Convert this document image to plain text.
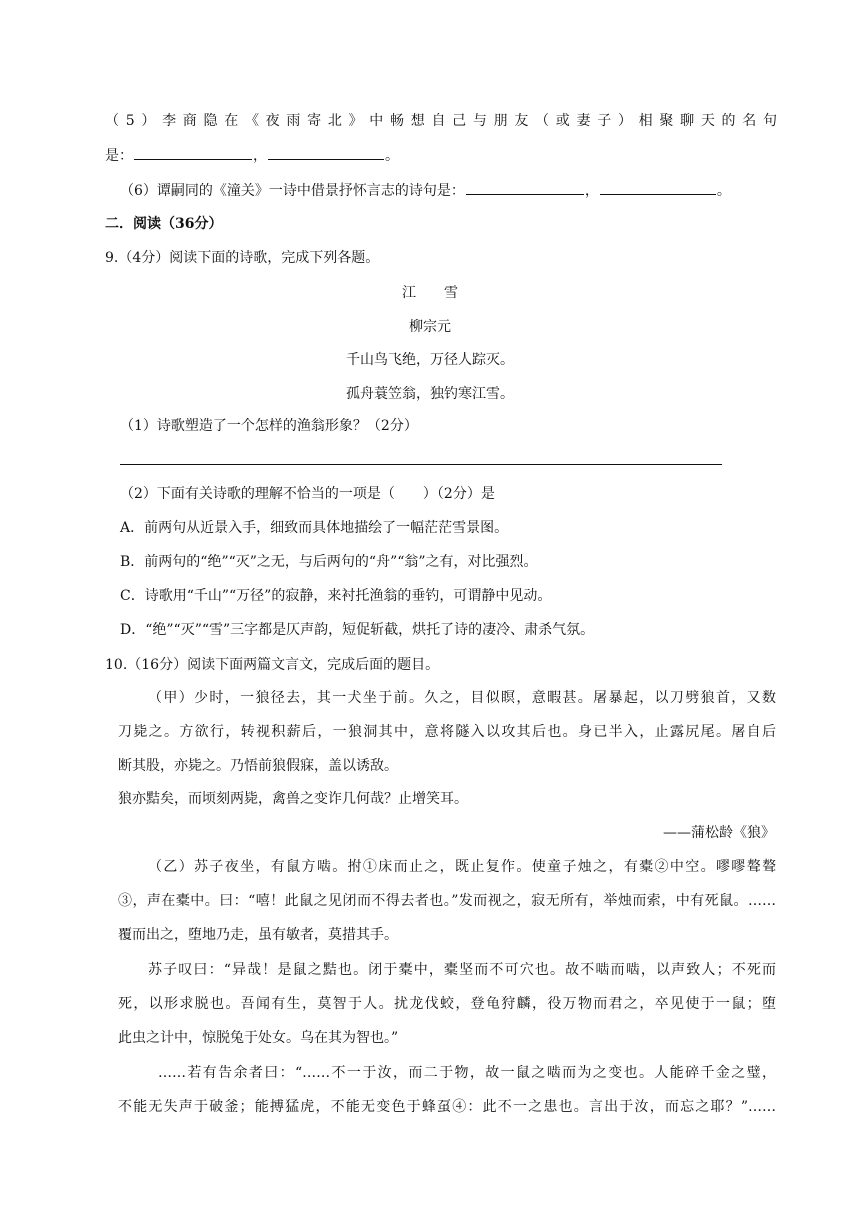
（5）李商隐在《夜雨寄北》中畅想自己与朋友（或妻子）相聚聊天的名句
是：	，	。
（6）谭嗣同的《潼关》一诗中借景抒怀言志的诗句是：	，	。
二．阅读（36分）
9.（4分）阅读下面的诗歌，完成下列各题。
江　　雪
柳宗元
千山鸟飞绝，万径人踪灭。
孤舟蓑笠翁，独钓寒江雪。
（1）诗歌塑造了一个怎样的渔翁形象？（2分）
（2）下面有关诗歌的理解不恰当的一项是（　　）（2分）是
A．前两句从近景入手，细致而具体地描绘了一幅茫茫雪景图。
B．前两句的“绝”“灭”之无，与后两句的“舟”“翁”之有，对比强烈。
C．诗歌用“千山”“万径”的寂静，来衬托渔翁的垂钓，可谓静中见动。
D．“绝”“灭”“雪”三字都是仄声韵，短促斩截，烘托了诗的凄冷、肃杀气氛。
10.（16分）阅读下面两篇文言文，完成后面的题目。
（甲）少时，一狼径去，其一犬坐于前。久之，目似瞑，意暇甚。屠暴起，以刀劈狼首，又数
刀毙之。方欲行，转视积薪后，一狼洞其中，意将隧入以攻其后也。身已半入，止露尻尾。屠自后
断其股，亦毙之。乃悟前狼假寐，盖以诱敌。
狼亦黠矣，而顷刻两毙，禽兽之变诈几何哉？止增笑耳。
——蒲松龄《狼》
（乙）苏子夜坐，有鼠方啮。拊①床而止之，既止复作。使童子烛之，有橐②中空。嘐嘐聱聱
③，声在橐中。曰：“嘻！此鼠之见闭而不得去者也。”发而视之，寂无所有，举烛而索，中有死鼠。……
覆而出之，堕地乃走，虽有敏者，莫措其手。
苏子叹曰：“异哉！是鼠之黠也。闭于橐中，橐坚而不可穴也。故不啮而啮，以声致人；不死而
死，以形求脱也。吾闻有生，莫智于人。扰龙伐蛟，登龟狩麟，役万物而君之，卒见使于一鼠；堕
此虫之计中，惊脱兔于处女。乌在其为智也。”
……若有告余者曰：“……不一于汝，而二于物，故一鼠之啮而为之变也。人能碎千金之璧，
不能无失声于破釜；能搏猛虎，不能无变色于蜂虿④：此不一之患也。言出于汝，而忘之耶？”……
